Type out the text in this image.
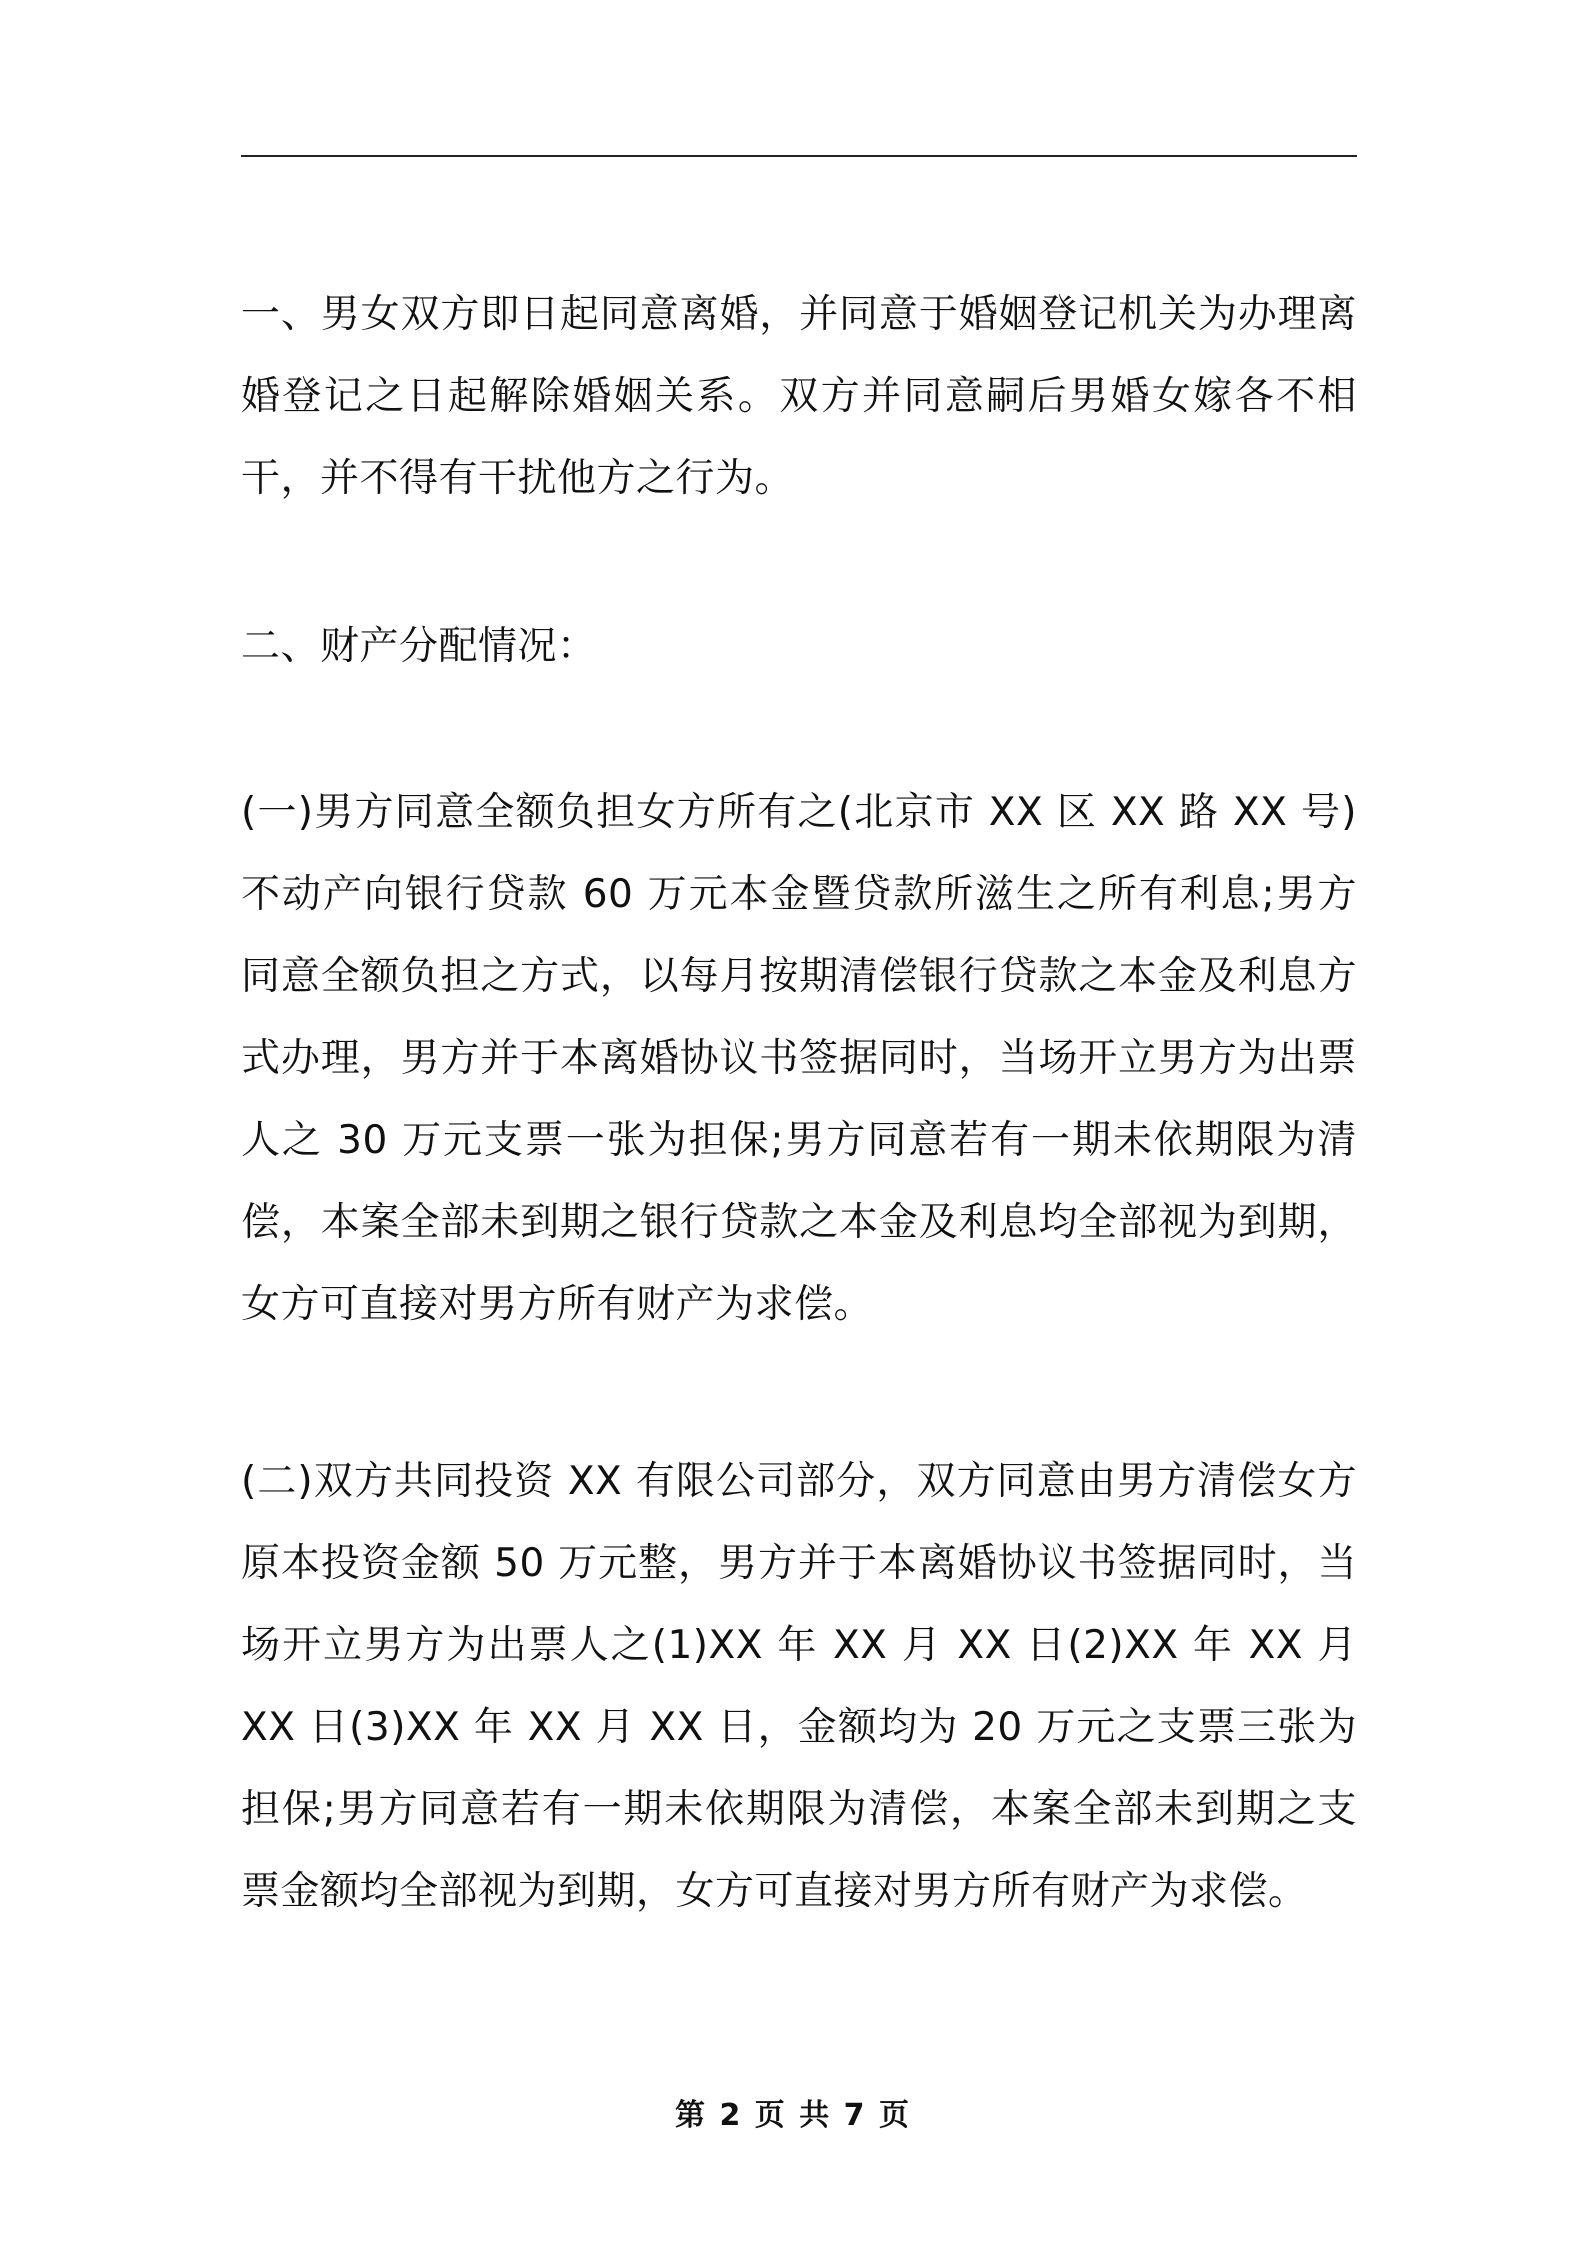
一、男女双方即日起同意离婚，并同意于婚姻登记机关为办理离婚登记之日起解除婚姻关系。双方并同意嗣后男婚女嫁各不相干，并不得有干扰他方之行为。

二、财产分配情况：

(一)男方同意全额负担女方所有之(北京市 XX 区 XX 路 XX 号)不动产向银行贷款 60 万元本金暨贷款所滋生之所有利息;男方同意全额负担之方式，以每月按期清偿银行贷款之本金及利息方式办理，男方并于本离婚协议书签据同时，当场开立男方为出票人之 30 万元支票一张为担保;男方同意若有一期未依期限为清偿，本案全部未到期之银行贷款之本金及利息均全部视为到期，女方可直接对男方所有财产为求偿。

(二)双方共同投资 XX 有限公司部分，双方同意由男方清偿女方原本投资金额 50 万元整，男方并于本离婚协议书签据同时，当场开立男方为出票人之(1)XX 年 XX 月 XX 日(2)XX 年 XX 月 XX 日(3)XX 年 XX 月 XX 日，金额均为 20 万元之支票三张为担保;男方同意若有一期未依期限为清偿，本案全部未到期之支票金额均全部视为到期，女方可直接对男方所有财产为求偿。

第 2 页 共 7 页
